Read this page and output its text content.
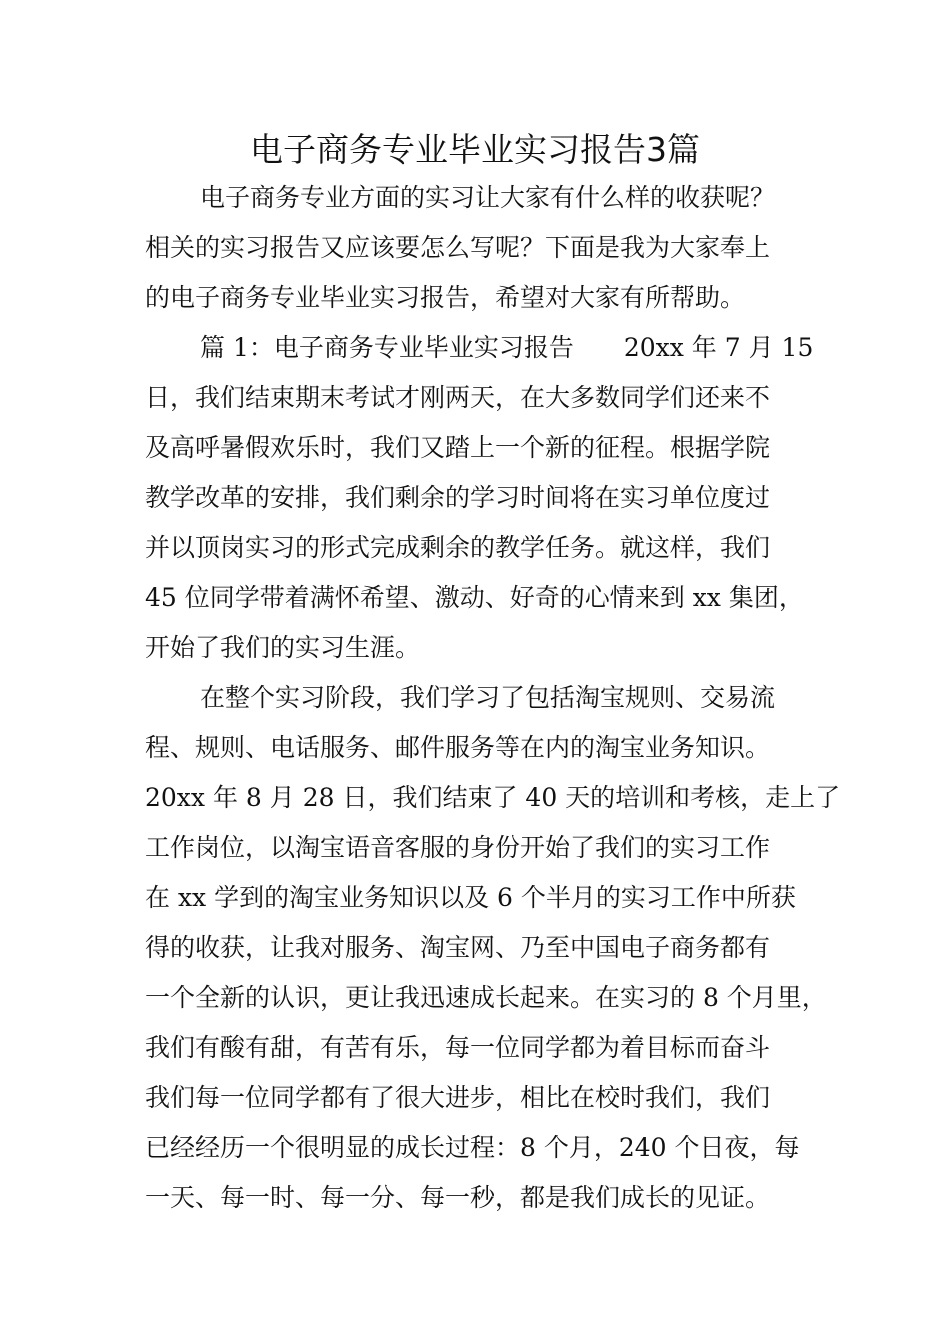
电子商务专业毕业实习报告3篇
电子商务专业方面的实习让大家有什么样的收获呢？
相关的实习报告又应该要怎么写呢？下面是我为大家奉上
的电子商务专业毕业实习报告，希望对大家有所帮助。
篇 1：电子商务专业毕业实习报告　　20xx 年 7 月 15
日，我们结束期末考试才刚两天，在大多数同学们还来不
及高呼暑假欢乐时，我们又踏上一个新的征程。根据学院
教学改革的安排，我们剩余的学习时间将在实习单位度过
并以顶岗实习的形式完成剩余的教学任务。就这样，我们
45 位同学带着满怀希望、激动、好奇的心情来到 xx 集团，
开始了我们的实习生涯。
在整个实习阶段，我们学习了包括淘宝规则、交易流
程、规则、电话服务、邮件服务等在内的淘宝业务知识。
20xx 年 8 月 28 日，我们结束了 40 天的培训和考核，走上了
工作岗位，以淘宝语音客服的身份开始了我们的实习工作
在 xx 学到的淘宝业务知识以及 6 个半月的实习工作中所获
得的收获，让我对服务、淘宝网、乃至中国电子商务都有
一个全新的认识，更让我迅速成长起来。在实习的 8 个月里，
我们有酸有甜，有苦有乐，每一位同学都为着目标而奋斗
我们每一位同学都有了很大进步，相比在校时我们，我们
已经经历一个很明显的成长过程：8 个月，240 个日夜，每
一天、每一时、每一分、每一秒，都是我们成长的见证。
